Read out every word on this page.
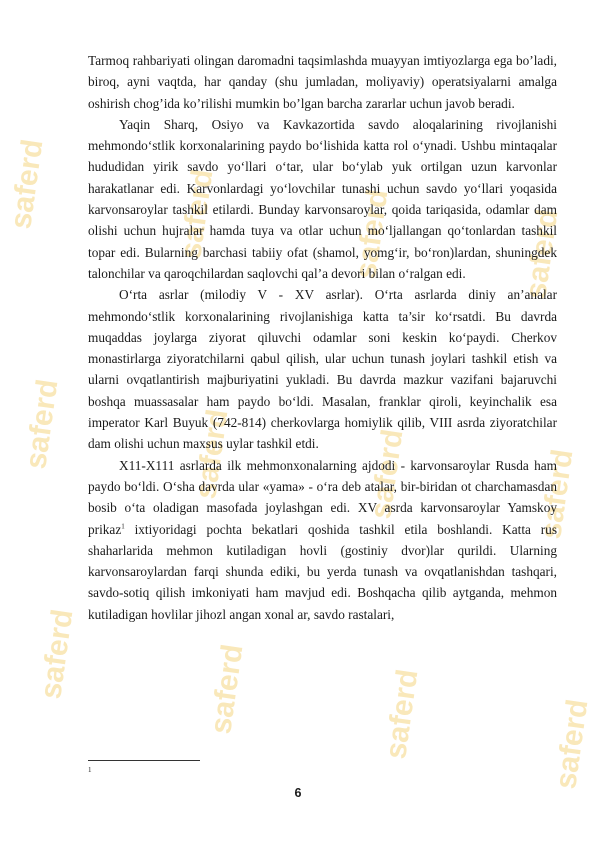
saferd
saferd
saferd
saferd
saferd
saferd
saferd
saferd
saferd
saferd
saferd
saferd

Tarmoq rahbariyati olingan daromadni taqsimlashda muayyan imtiyozlarga ega bo’ladi, biroq, ayni vaqtda, har qanday (shu jumladan, moliyaviy) operatsiyalarni amalga oshirish chog’ida ko’rilishi mumkin bo’lgan barcha zararlar uchun javob beradi.

Yaqin Sharq, Osiyo va Kavkazortida savdo aloqalarining rivojlanishi mehmondo‘stlik korxonalarining paydo bo‘lishida katta rol o‘ynadi. Ushbu mintaqalar hududidan yirik savdo yo‘llari o‘tar, ular bo‘ylab yuk ortilgan uzun karvonlar harakatlanar edi. Karvonlardagi yo‘lovchilar tunashi uchun savdo yo‘llari yoqasida karvonsaroylar tashkil etilardi. Bunday karvonsaroylar, qoida tariqasida, odamlar dam olishi uchun hujralar hamda tuya va otlar uchun mo‘ljallangan qo‘tonlardan tashkil topar edi. Bularning barchasi tabiiy ofat (shamol, yomg‘ir, bo‘ron)lardan, shuningdek talonchilar va qaroqchilardan saqlovchi qal’a devori bilan o‘ralgan edi.

O‘rta asrlar (milodiy V - XV asrlar). O‘rta asrlarda diniy an’analar mehmondo‘stlik korxonalarining rivojlanishiga katta ta’sir ko‘rsatdi. Bu davrda muqaddas joylarga ziyorat qiluvchi odamlar soni keskin ko‘paydi. Cherkov monastirlarga ziyoratchilarni qabul qilish, ular uchun tunash joylari tashkil etish va ularni ovqatlantirish majburiyatini yukladi. Bu davrda mazkur vazifani bajaruvchi boshqa muassasalar ham paydo bo‘ldi. Masalan, franklar qiroli, keyinchalik esa imperator Karl Buyuk (742-814) cherkovlarga homiylik qilib, VIII asrda ziyoratchilar dam olishi uchun maxsus uylar tashkil etdi.

X11-X111 asrlarda ilk mehmonxonalarning ajdodi - karvonsaroylar Rusda ham paydo bo‘ldi. O‘sha davrda ular «yama» - o‘ra deb atalar, bir-biridan ot charchamasdan bosib o‘ta oladigan masofada joylashgan edi. XV asrda karvonsaroylar Yamskoy prikaz$^1$ ixtiyoridagi pochta bekatlari qoshida tashkil etila boshlandi. Katta rus shaharlarida mehmon kutiladigan hovli (gostiniy dvor)lar qurildi. Ularning karvonsaroylardan farqi shunda ediki, bu yerda tunash va ovqatlanishdan tashqari, savdo-sotiq qilish imkoniyati ham mavjud edi. Boshqacha qilib aytganda, mehmon kutiladigan hovlilar jihozl angan xonal ar, savdo rastalari,

1
6
